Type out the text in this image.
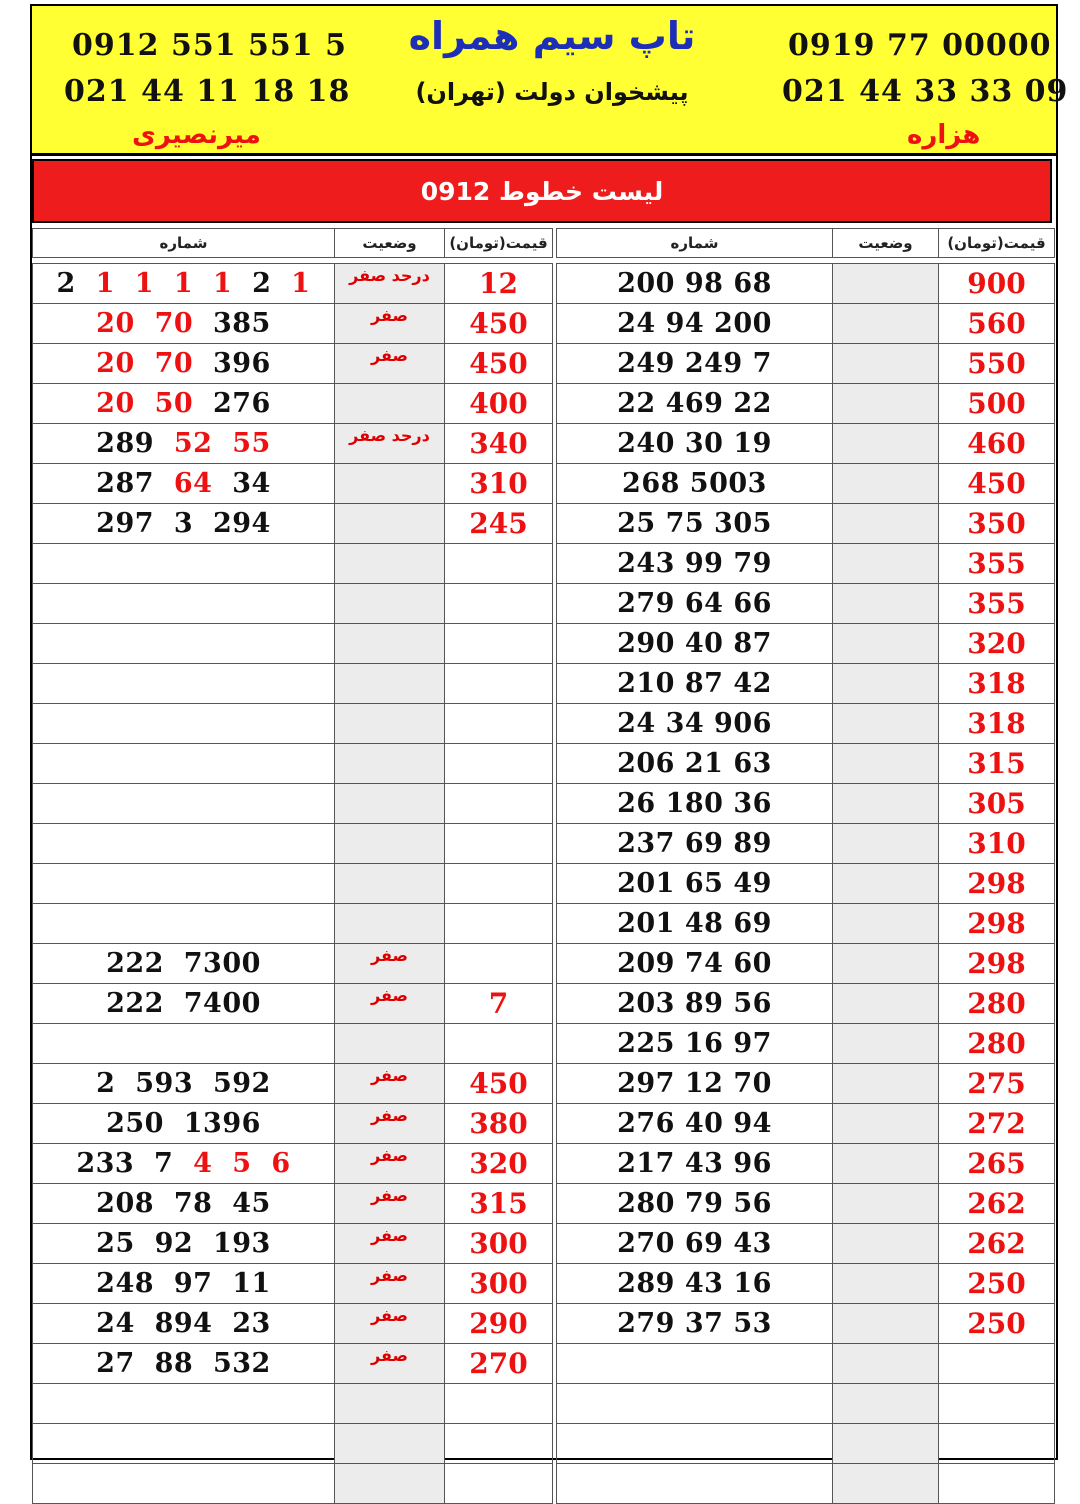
0912 551 551 5
021 44 11 18 18
میرنصیری
تاپ سیم همراه
پیشخوان دولت (تهران)
0919 77 00000
021 44 33 33 09
هزاره
لیست خطوط 0912
شماره	وضعیت	قیمت(تومان)

2 1 1 1 1 2 1	درحد صفر	12
20 70 385	صفر	450
20 70 396	صفر	450
20 50 276		400
289 52 55	درحد صفر	340
287 64 34		310
297 3 294		245

222 7300	صفر	
222 7400	صفر	7

2 593 592	صفر	450
250 1396	صفر	380
233 7 4 5 6	صفر	320
208 78 45	صفر	315
25 92 193	صفر	300
248 97 11	صفر	300
24 894 23	صفر	290
27 88 532	صفر	270

شماره	وضعیت	قیمت(تومان)

200 98 68		900
24 94 200		560
249 249 7		550
22 469 22		500
240 30 19		460
268 5003		450
25 75 305		350
243 99 79		355
279 64 66		355
290 40 87		320
210 87 42		318
24 34 906		318
206 21 63		315
26 180 36		305
237 69 89		310
201 65 49		298
201 48 69		298
209 74 60		298
203 89 56		280
225 16 97		280
297 12 70		275
276 40 94		272
217 43 96		265
280 79 56		262
270 69 43		262
289 43 16		250
279 37 53		250
